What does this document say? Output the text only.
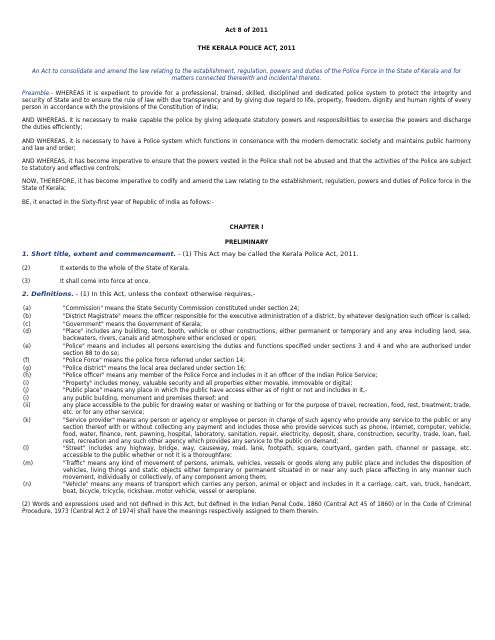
Act 8 of 2011
THE KERALA POLICE ACT, 2011
An Act to consolidate and amend the law relating to the establishment, regulation, powers and duties of the Police Force in the State of Kerala and for matters connected therewith and incidental thereto.

Preamble.- WHEREAS it is expedient to provide for a professional, trained, skilled, disciplined and dedicated police system to protect the integrity and security of State and to ensure the rule of law with due transparency and by giving due regard to life, property, freedom, dignity and human rights of every person in accordance with the provisions of the Constitution of India;

AND WHEREAS, it is necessary to make capable the police by giving adequate statutory powers and responsibilities to exercise the powers and discharge the duties efficiently;

AND WHEREAS, it is necessary to have a Police system which functions in consonance with the modern democratic society and maintains public harmony and law and order;

AND WHEREAS, it has become imperative to ensure that the powers vested in the Police shall not be abused and that the activities of the Police are subject to statutory and effective controls;

NOW, THEREFORE, it has become imperative to codify and amend the Law relating to the establishment, regulation, powers and duties of Police force in the State of Kerala;

BE, it enacted in the Sixty-first year of Republic of India as follows:-

CHAPTER I
PRELIMINARY

1. Short title, extent and commencement. - (1) This Act may be called the Kerala Police Act, 2011.

(2)	It extends to the whole of the State of Kerala.
(3)	It shall come into force at once.

2. Definitions. - (1) In this Act, unless the context otherwise requires,-

(a)	"Commission" means the State Security Commission constituted under section 24;
(b)	"District Magistrate" means the officer responsible for the executive administration of a district, by whatever designation such officer is called;
(c)	"Government" means the Government of Kerala;
(d)	"Place" includes any building, tent, booth, vehicle or other constructions, either permanent or temporary and any area including land, sea, backwaters, rivers, canals and atmosphere either enclosed or open;
(e)	"Police" means and includes all persons exercising the duties and functions specified under sections 3 and 4 and who are authorised under section 88 to do so;
(f)	"Police Force" means the police force referred under section 14;
(g)	"Police district" means the local area declared under section 16;
(h)	"Police officer" means any member of the Police Force and includes in it an officer of the Indian Police Service;
(i)	"Property" includes money, valuable security and all properties either movable, immovable or digital;
(j)	"Public place" means any place in which the public have access either as of right or not and includes in it,-
(i)	any public building, monument and premises thereof; and
(ii)	any place accessible to the public for drawing water or washing or bathing or for the purpose of travel, recreation, food, rest, treatment, trade, etc. or for any other service;
(k)	"Service provider" means any person or agency or employee or person in charge of such agency who provide any service to the public or any section thereof with or without collecting any payment and includes those who provide services such as phone, internet, computer, vehicle, food, water, finance, rent, pawning, hospital, laboratory, sanitation, repair, electricity, deposit, share, construction, security, trade, loan, fuel, rest, recreation and any such other agency which provides any service to the public on demand;
(l)	"Street" includes any highway, bridge, way, causeway, road, lane, footpath, square, courtyard, garden path, channel or passage, etc. accessible to the public whether or not it is a thoroughfare;
(m)	"Traffic" means any kind of movement of persons, animals, vehicles, vessels or goods along any public place and includes the disposition of vehicles, living things and static objects either temporary or permanent situated in or near any such place affecting in any manner such movement, individually or collectively, of any component among them;
(n)	"Vehicle" means any means of transport which carries any person, animal or object and includes in it a carriage, cart, van, truck, handcart, boat, bicycle, tricycle, rickshaw, motor vehicle, vessel or aeroplane.

(2) Words and expressions used and not defined in this Act, but defined in the Indian Penal Code, 1860 (Central Act 45 of 1860) or in the Code of Criminal Procedure, 1973 (Central Act 2 of 1974) shall have the meanings respectively assigned to them therein.
